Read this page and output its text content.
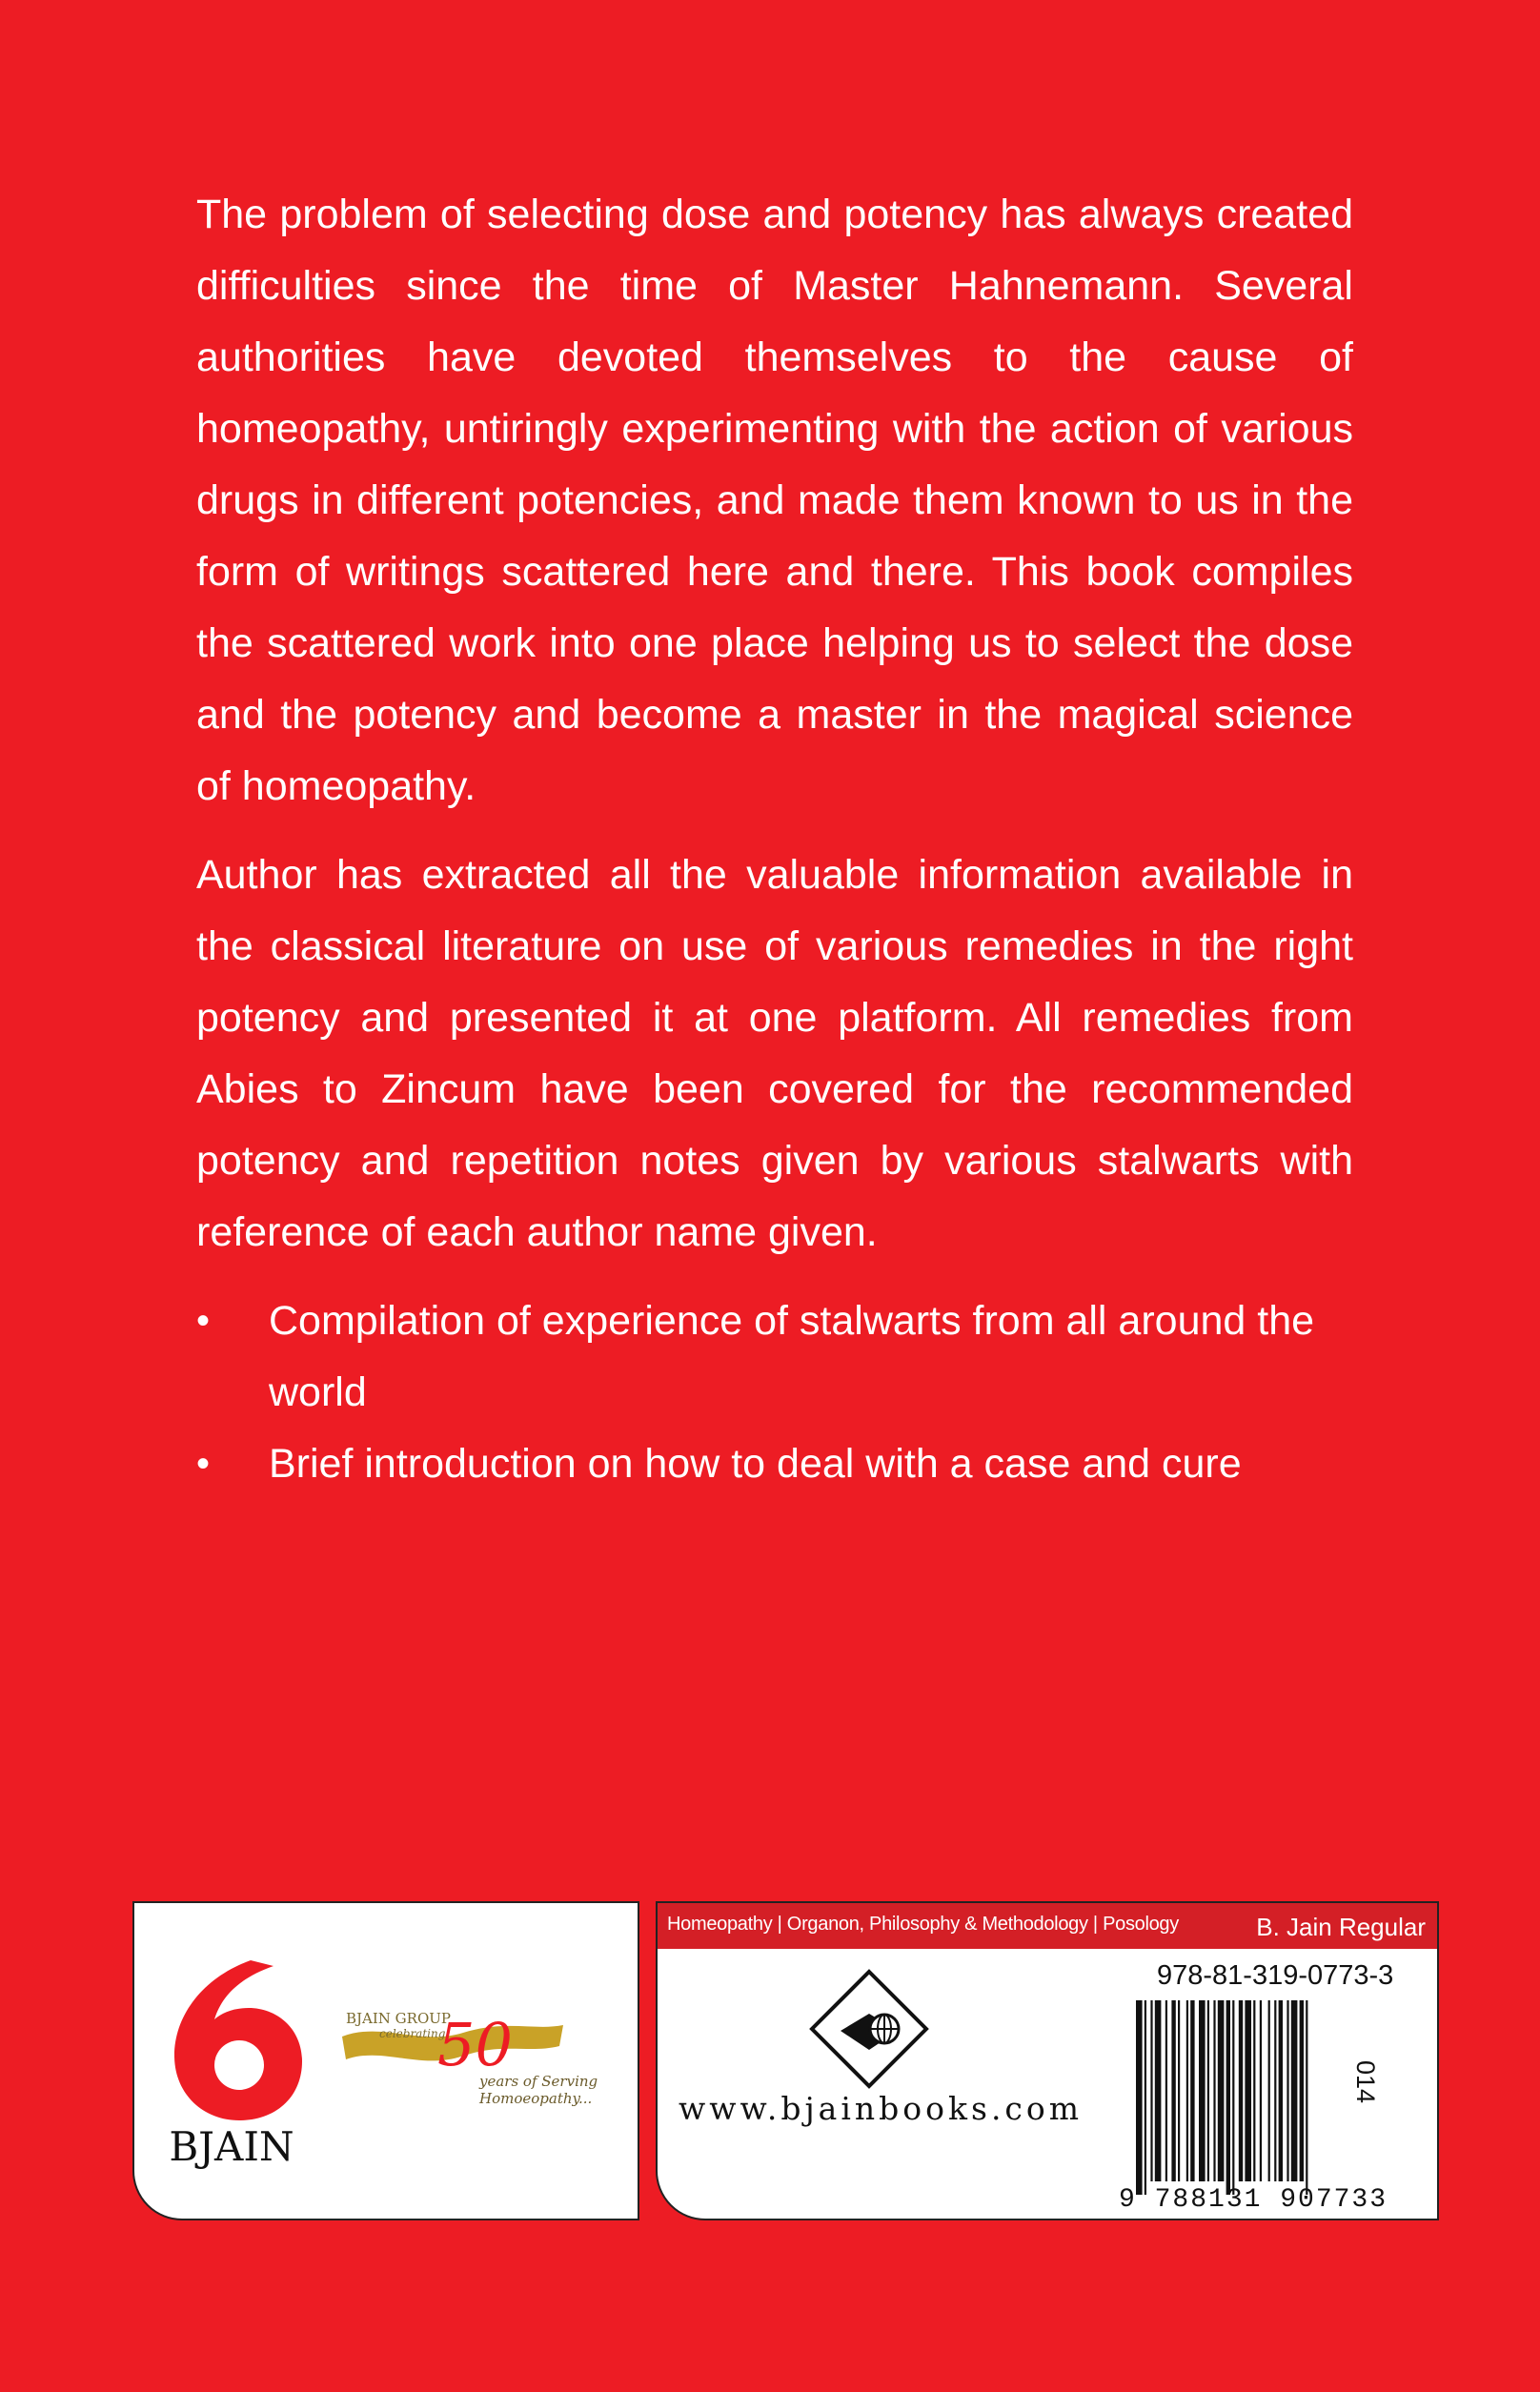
The problem of selecting dose and potency has always created difficulties since the time of Master Hahnemann. Several authorities have devoted themselves to the cause of homeopathy, untiringly experimenting with the action of various drugs in different potencies, and made them known to us in the form of writings scattered here and there. This book compiles the scattered work into one place helping us to select the dose and the potency and become a master in the magical science of homeopathy.

Author has extracted all the valuable information available in the classical literature on use of various remedies in the right potency and presented it at one platform. All remedies from Abies to Zincum have been covered for the recommended potency and repetition notes given by various stalwarts with reference of each author name given.

• Compilation of experience of stalwarts from all around the world
• Brief introduction on how to deal with a case and cure
BJAIN
BJAIN GROUP
celebrating
50
years of Serving
Homoeopathy...
Homeopathy | Organon, Philosophy & Methodology | Posology	B. Jain Regular
www.bjainbooks.com
978-81-319-0773-3
9 788131 907733
014
